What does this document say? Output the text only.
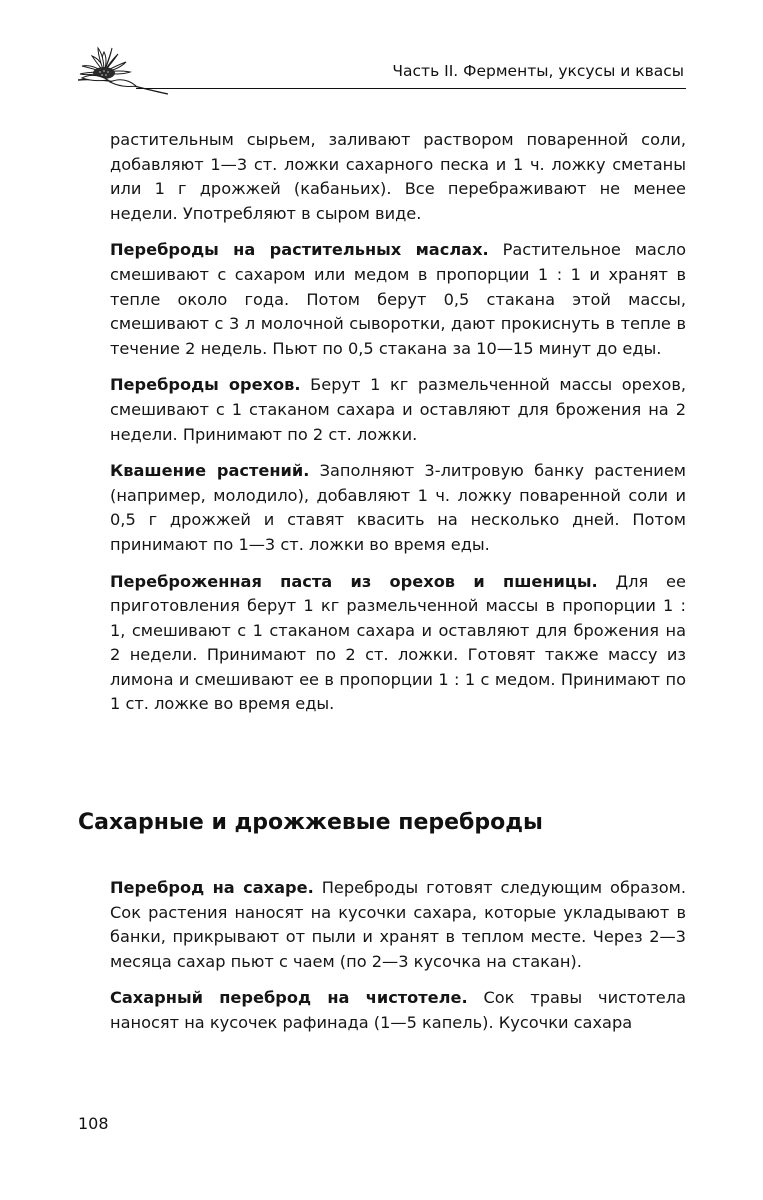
Часть II. Ферменты, уксусы и квасы

растительным сырьем, заливают раствором поваренной соли, добавляют 1—3 ст. ложки сахарного песка и 1 ч. ложку сметаны или 1 г дрожжей (кабаньих). Все перебраживают не менее недели. Употребляют в сыром виде.

Переброды на растительных маслах. Растительное масло смешивают с сахаром или медом в пропорции 1 : 1 и хранят в тепле около года. Потом берут 0,5 стакана этой массы, смешивают с 3 л молочной сыворотки, дают прокиснуть в тепле в течение 2 недель. Пьют по 0,5 стакана за 10—15 минут до еды.

Переброды орехов. Берут 1 кг размельченной массы орехов, смешивают с 1 стаканом сахара и оставляют для брожения на 2 недели. Принимают по 2 ст. ложки.

Квашение растений. Заполняют 3-литровую банку растением (например, молодило), добавляют 1 ч. ложку поваренной соли и 0,5 г дрожжей и ставят квасить на несколько дней. Потом принимают по 1—3 ст. ложки во время еды.

Переброженная паста из орехов и пшеницы. Для ее приготовления берут 1 кг размельченной массы в пропорции 1 : 1, смешивают с 1 стаканом сахара и оставляют для брожения на 2 недели. Принимают по 2 ст. ложки. Готовят также массу из лимона и смешивают ее в пропорции 1 : 1 с медом. Принимают по 1 ст. ложке во время еды.

Сахарные и дрожжевые переброды

Переброд на сахаре. Переброды готовят следующим образом. Сок растения наносят на кусочки сахара, которые укладывают в банки, прикрывают от пыли и хранят в теплом месте. Через 2—3 месяца сахар пьют с чаем (по 2—3 кусочка на стакан).

Сахарный переброд на чистотеле. Сок травы чистотела наносят на кусочек рафинада (1—5 капель). Кусочки сахара

108
